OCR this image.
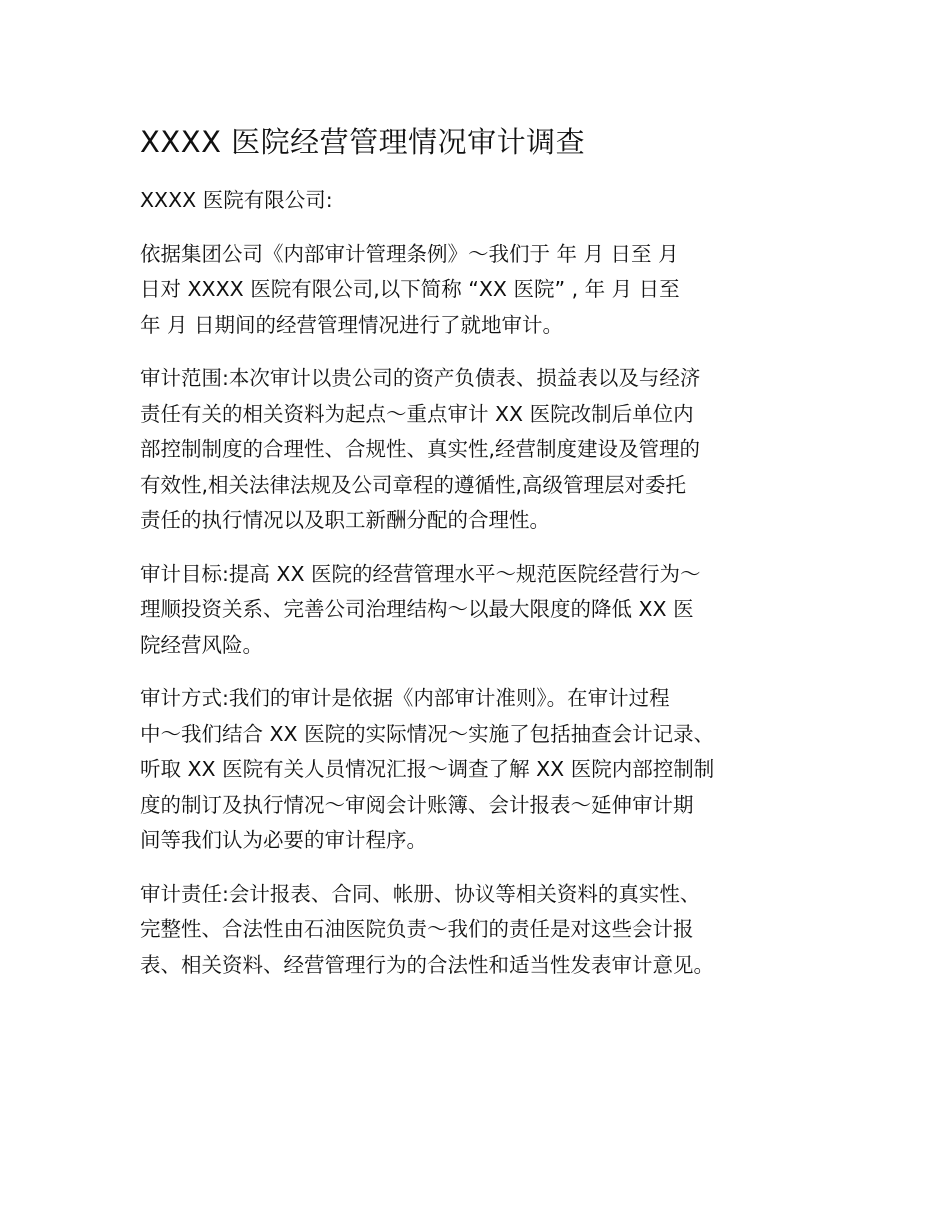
XXXX 医院经营管理情况审计调查

XXXX 医院有限公司:

依据集团公司《内部审计管理条例》～我们于 年 月 日至 月
日对 XXXX 医院有限公司,以下简称 “XX 医院” , 年 月 日至
年 月 日期间的经营管理情况进行了就地审计。

审计范围:本次审计以贵公司的资产负债表、损益表以及与经济
责任有关的相关资料为起点～重点审计 XX 医院改制后单位内
部控制制度的合理性、合规性、真实性,经营制度建设及管理的
有效性,相关法律法规及公司章程的遵循性,高级管理层对委托
责任的执行情况以及职工新酬分配的合理性。

审计目标:提高 XX 医院的经营管理水平～规范医院经营行为～
理顺投资关系、完善公司治理结构～以最大限度的降低 XX 医
院经营风险。

审计方式:我们的审计是依据《内部审计准则》。在审计过程
中～我们结合 XX 医院的实际情况～实施了包括抽查会计记录、
听取 XX 医院有关人员情况汇报～调查了解 XX 医院内部控制制
度的制订及执行情况～审阅会计账簿、会计报表～延伸审计期
间等我们认为必要的审计程序。

审计责任:会计报表、合同、帐册、协议等相关资料的真实性、
完整性、合法性由石油医院负责～我们的责任是对这些会计报
表、相关资料、经营管理行为的合法性和适当性发表审计意见。
